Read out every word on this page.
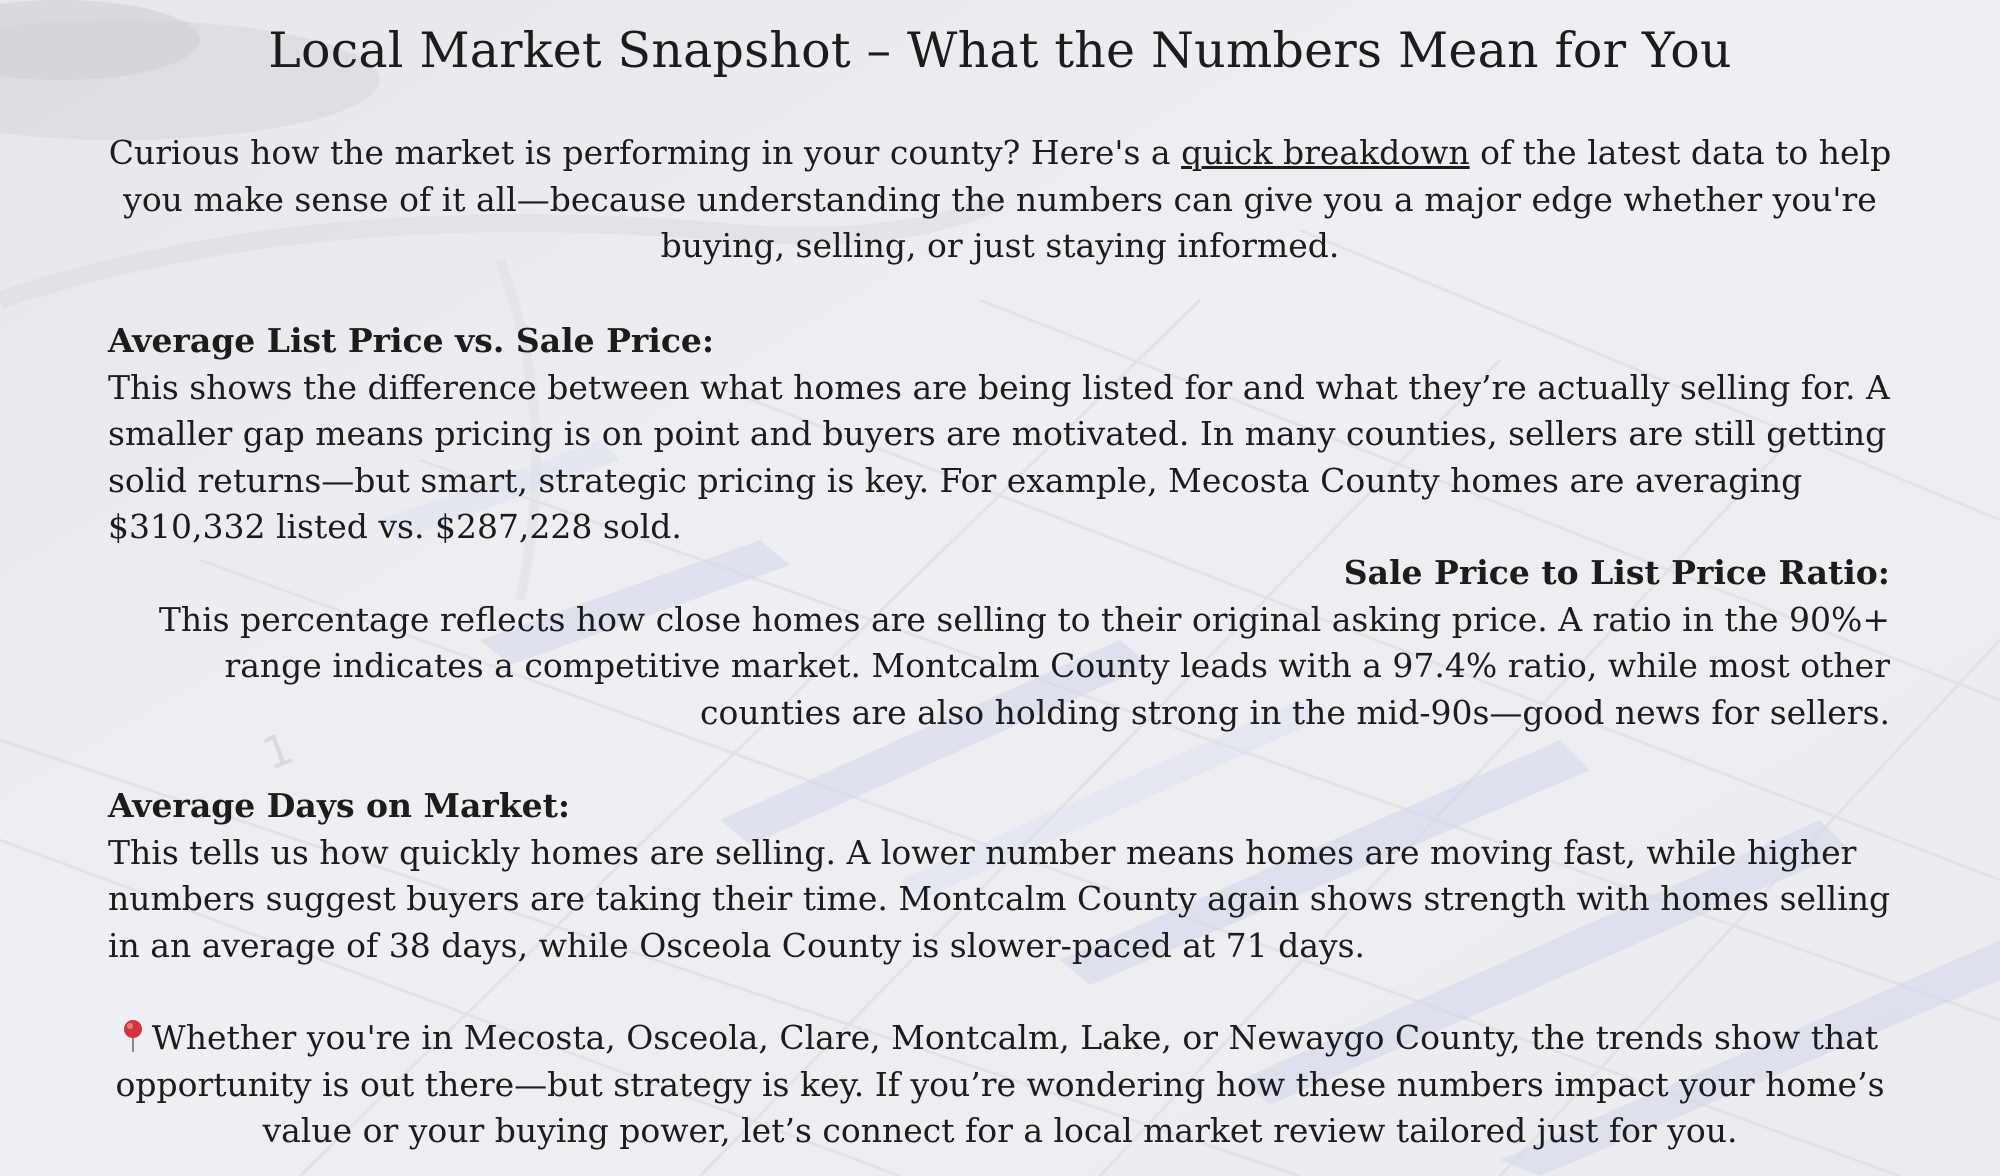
Local Market Snapshot – What the Numbers Mean for You

Curious how the market is performing in your county? Here's a quick breakdown of the latest data to help you make sense of it all—because understanding the numbers can give you a major edge whether you're buying, selling, or just staying informed.

Average List Price vs. Sale Price:
This shows the difference between what homes are being listed for and what they’re actually selling for. A smaller gap means pricing is on point and buyers are motivated. In many counties, sellers are still getting solid returns—but smart, strategic pricing is key. For example, Mecosta County homes are averaging $310,332 listed vs. $287,228 sold.

Sale Price to List Price Ratio:
This percentage reflects how close homes are selling to their original asking price. A ratio in the 90%+ range indicates a competitive market. Montcalm County leads with a 97.4% ratio, while most other counties are also holding strong in the mid-90s—good news for sellers.

Average Days on Market:
This tells us how quickly homes are selling. A lower number means homes are moving fast, while higher numbers suggest buyers are taking their time. Montcalm County again shows strength with homes selling in an average of 38 days, while Osceola County is slower-paced at 71 days.

Whether you're in Mecosta, Osceola, Clare, Montcalm, Lake, or Newaygo County, the trends show that opportunity is out there—but strategy is key. If you’re wondering how these numbers impact your home’s value or your buying power, let’s connect for a local market review tailored just for you.
